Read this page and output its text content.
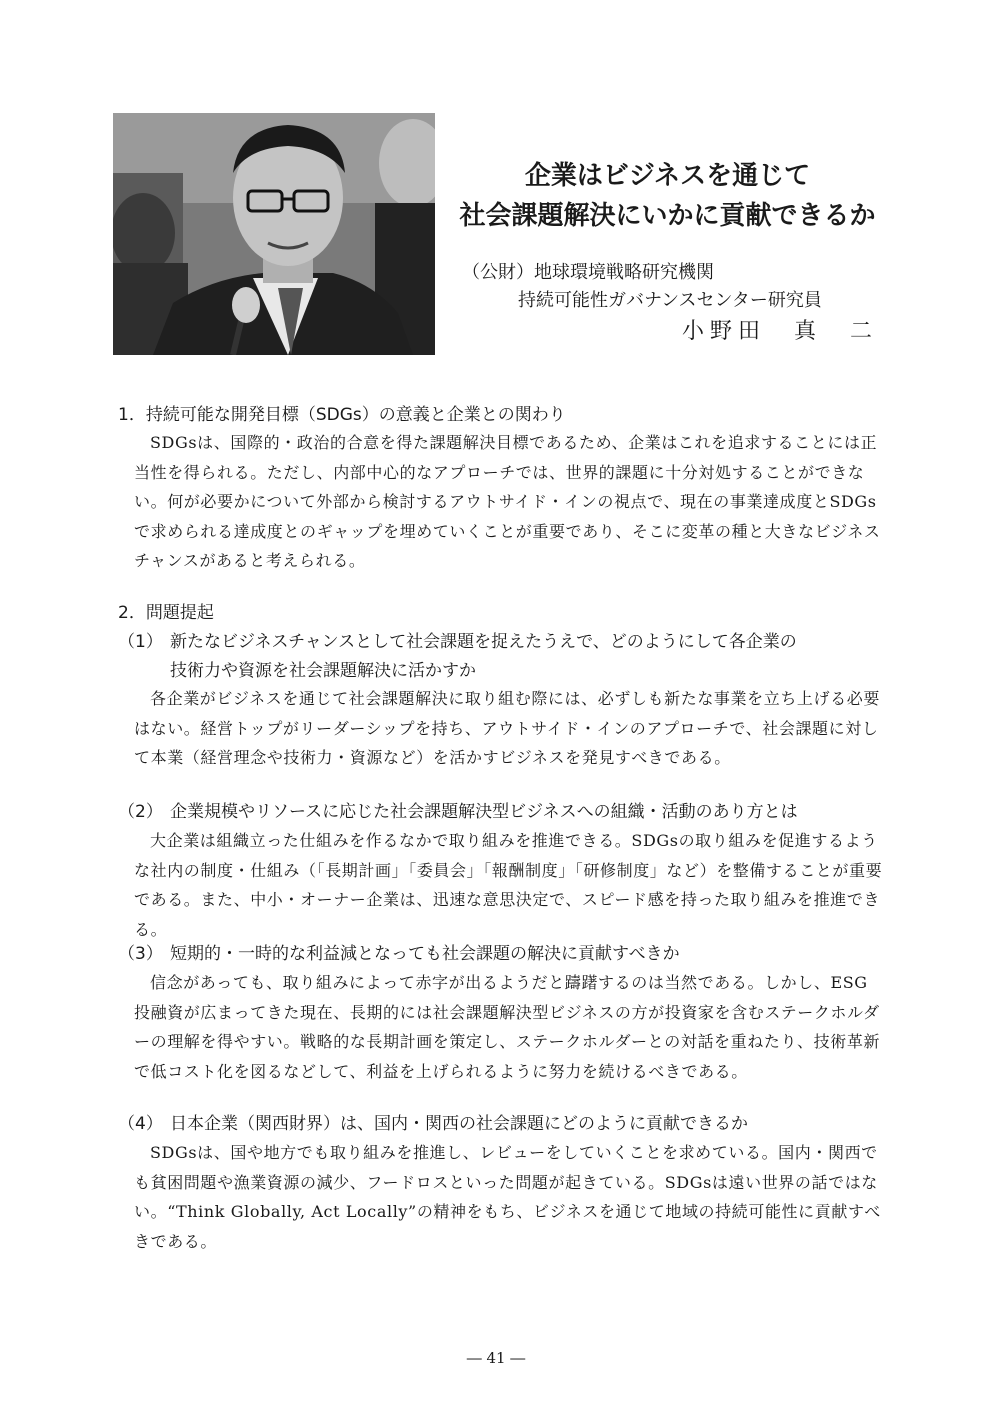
企業はビジネスを通じて

社会課題解決にいかに貢献できるか

（公財）地球環境戦略研究機関

持続可能性ガバナンスセンター研究員

小野田　真　二

1．持続可能な開発目標（SDGs）の意義と企業との関わり

SDGsは、国際的・政治的合意を得た課題解決目標であるため、企業はこれを追求することには正当性を得られる。ただし、内部中心的なアプローチでは、世界的課題に十分対処することができない。何が必要かについて外部から検討するアウトサイド・インの視点で、現在の事業達成度とSDGsで求められる達成度とのギャップを埋めていくことが重要であり、そこに変革の種と大きなビジネスチャンスがあると考えられる。

2．問題提起

（1） 新たなビジネスチャンスとして社会課題を捉えたうえで、どのようにして各企業の
技術力や資源を社会課題解決に活かすか

各企業がビジネスを通じて社会課題解決に取り組む際には、必ずしも新たな事業を立ち上げる必要はない。経営トップがリーダーシップを持ち、アウトサイド・インのアプローチで、社会課題に対して本業（経営理念や技術力・資源など）を活かすビジネスを発見すべきである。

（2） 企業規模やリソースに応じた社会課題解決型ビジネスへの組織・活動のあり方とは

大企業は組織立った仕組みを作るなかで取り組みを推進できる。SDGsの取り組みを促進するような社内の制度・仕組み（「長期計画」「委員会」「報酬制度」「研修制度」など）を整備することが重要である。また、中小・オーナー企業は、迅速な意思決定で、スピード感を持った取り組みを推進できる。

（3） 短期的・一時的な利益減となっても社会課題の解決に貢献すべきか

信念があっても、取り組みによって赤字が出るようだと躊躇するのは当然である。しかし、ESG投融資が広まってきた現在、長期的には社会課題解決型ビジネスの方が投資家を含むステークホルダーの理解を得やすい。戦略的な長期計画を策定し、ステークホルダーとの対話を重ねたり、技術革新で低コスト化を図るなどして、利益を上げられるように努力を続けるべきである。

（4） 日本企業（関西財界）は、国内・関西の社会課題にどのように貢献できるか

SDGsは、国や地方でも取り組みを推進し、レビューをしていくことを求めている。国内・関西でも貧困問題や漁業資源の減少、フードロスといった問題が起きている。SDGsは遠い世界の話ではない。“Think Globally, Act Locally”の精神をもち、ビジネスを通じて地域の持続可能性に貢献すべきである。

― 41 ―
